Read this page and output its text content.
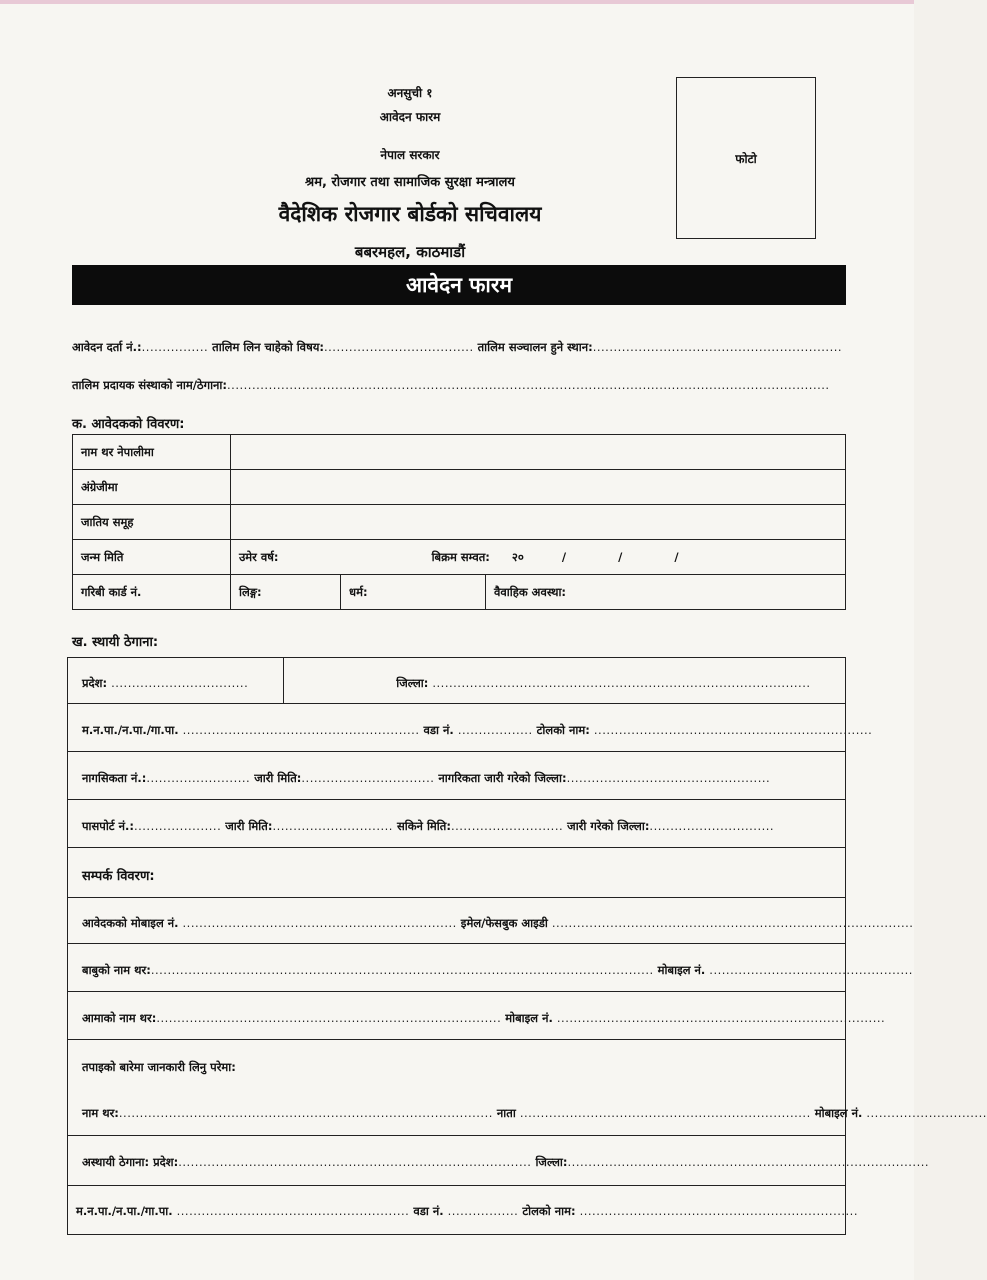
अनसुची १
आवेदन फारम
नेपाल सरकार
श्रम, रोजगार तथा सामाजिक सुरक्षा मन्त्रालय
वैदेशिक रोजगार बोर्डको सचिवालय
बबरमहल, काठमाडौं
फोटो
आवेदन फारम
आवेदन दर्ता नं.:................ तालिम लिन चाहेको विषय:.................................... तालिम सञ्चालन हुने स्थान:............................................................
तालिम प्रदायक संस्थाको नाम/ठेगाना:.................................................................................................................................................
क. आवेदकको विवरण:
नाम थर नेपालीमा			
अंग्रेजीमा			
जातिय समूह			
जन्म मिति	उमेर वर्ष: बिक्रम सम्वत: २० / / /		
गरिबी कार्ड नं.	लिङ्ग:	धर्म:	वैवाहिक अवस्था:
ख. स्थायी ठेगाना:
प्रदेश: .................................	जिल्ला: ...........................................................................................
म.न.पा./न.पा./गा.पा. ......................................................... वडा नं. .................. टोलको नाम: ...................................................................
नागसिकता नं.:......................... जारी मिति:................................ नागरिकता जारी गरेको जिल्ला:.................................................
पासपोर्ट नं.:..................... जारी मिति:............................. सकिने मिति:........................... जारी गरेको जिल्ला:..............................
सम्पर्क विवरण:
आवेदकको मोबाइल नं. .................................................................. इमेल/फेसबुक आइडी .......................................................................................
बाबुको नाम थर:......................................................................................................................... मोबाइल नं. .................................................
आमाको नाम थर:................................................................................... मोबाइल नं. ...............................................................................
तपाइको बारेमा जानकारी लिनु परेमा:
नाम थर:.......................................................................................... नाता ...................................................................... मोबाइल नं. .............................
अस्थायी ठेगाना: प्रदेश:..................................................................................... जिल्ला:.......................................................................................
म.न.पा./न.पा./गा.पा. ........................................................ वडा नं. ................. टोलको नाम: ...................................................................
